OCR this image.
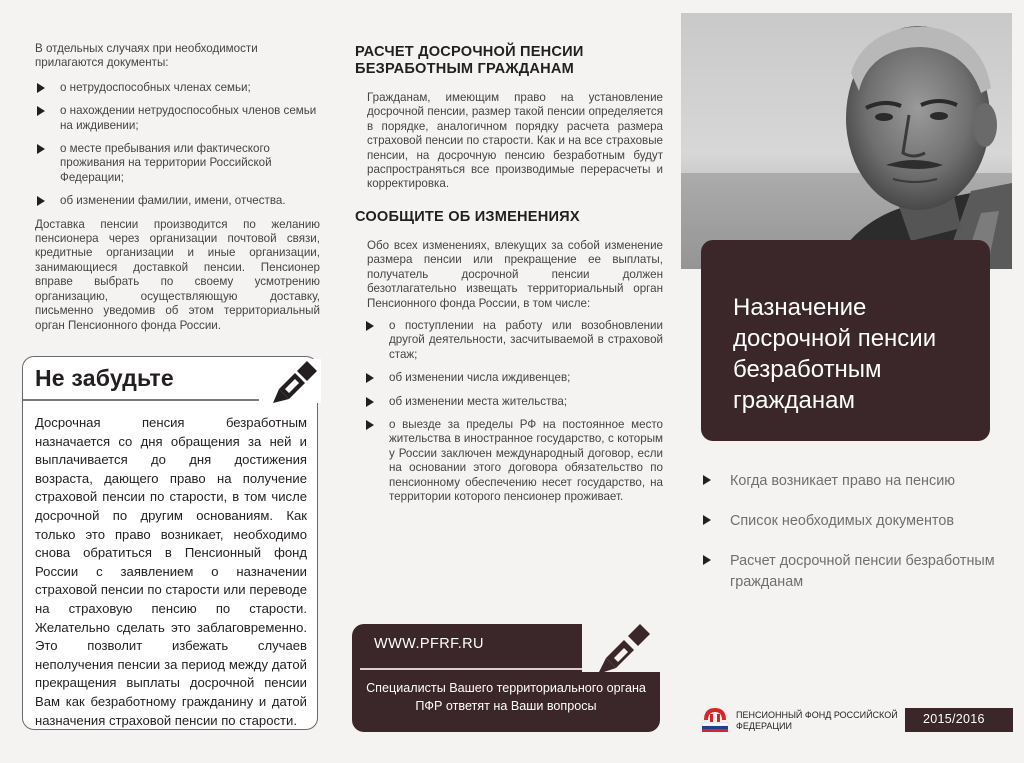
В отдельных случаях при необходимости прилагаются документы:

о нетрудоспособных членах семьи;
о нахождении нетрудоспособных членов семьи на иждивении;
о месте пребывания или фактического проживания на территории Российской Федерации;
об изменении фамилии, имени, отчества.

Доставка пенсии производится по желанию пенсионера через организации почтовой связи, кредитные организации и иные организации, занимающиеся доставкой пенсии. Пенсионер вправе выбрать по своему усмотрению организацию, осуществляющую доставку, письменно уведомив об этом территориальный орган Пенсионного фонда России.

Не забудьте
Досрочная пенсия безработным назначается со дня обращения за ней и выплачивается до дня достижения возраста, дающего право на получение страховой пенсии по старости, в том числе досрочной по другим основаниям. Как только это право возникает, необходимо снова обратиться в Пенсионный фонд России с заявлением о назначении страховой пенсии по старости или переводе на страховую пенсию по старости. Желательно сделать это заблаговременно. Это позволит избежать случаев неполучения пенсии за период между датой прекращения выплаты досрочной пенсии Вам как безработному гражданину и датой назначения страховой пенсии по старости.
РАСЧЕТ ДОСРОЧНОЙ ПЕНСИИ БЕЗРАБОТНЫМ ГРАЖДАНАМ

Гражданам, имеющим право на установление досрочной пенсии, размер такой пенсии определяется в порядке, аналогичном порядку расчета размера страховой пенсии по старости. Как и на все страховые пенсии, на досрочную пенсию безработным будут распространяться все производимые перерасчеты и корректировка.

СООБЩИТЕ ОБ ИЗМЕНЕНИЯХ

Обо всех изменениях, влекущих за собой изменение размера пенсии или прекращение ее выплаты, получатель досрочной пенсии должен безотлагательно извещать территориальный орган Пенсионного фонда России, в том числе:

о поступлении на работу или возобновлении другой деятельности, засчитываемой в страховой стаж;
об изменении числа иждивенцев;
об изменении места жительства;
о выезде за пределы РФ на постоянное место жительства в иностранное государство, с которым у России заключен международный договор, если на основании этого договора обязательство по пенсионному обеспечению несет государство, на территории которого пенсионер проживает.
WWW.PFRF.RU
Специалисты Вашего территориального органа ПФР ответят на Ваши вопросы
Назначение досрочной пенсии безработным гражданам
Когда возникает право на пенсию
Список необходимых документов
Расчет досрочной пенсии безработным гражданам
ПЕНСИОННЫЙ ФОНД РОССИЙСКОЙ ФЕДЕРАЦИИ	2015/2016
